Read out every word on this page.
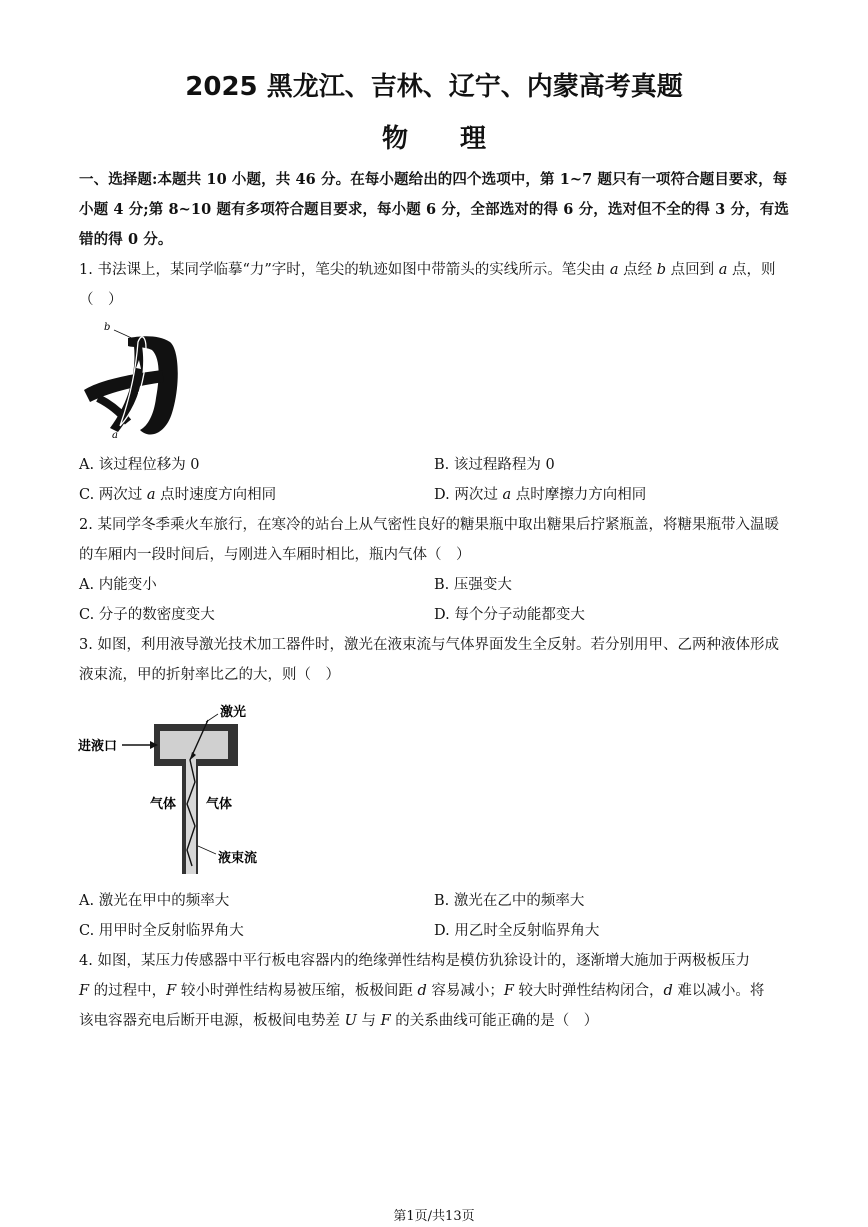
2025 黑龙江、吉林、辽宁、内蒙高考真题
物 理
一、选择题:本题共 10 小题，共 46 分。在每小题给出的四个选项中，第 1~7 题只有一项符合题目要求，每小题 4 分;第 8~10 题有多项符合题目要求，每小题 6 分，全部选对的得 6 分，选对但不全的得 3 分，有选错的得 0 分。
1. 书法课上，某同学临摹“力”字时，笔尖的轨迹如图中带箭头的实线所示。笔尖由 a 点经 b 点回到 a 点，则（　）
b
a
A. 该过程位移为 0	B. 该过程路程为 0
C. 两次过 a 点时速度方向相同	D. 两次过 a 点时摩擦力方向相同
2. 某同学冬季乘火车旅行，在寒冷的站台上从气密性良好的糖果瓶中取出糖果后拧紧瓶盖，将糖果瓶带入温暖的车厢内一段时间后，与刚进入车厢时相比，瓶内气体（　）
A. 内能变小	B. 压强变大
C. 分子的数密度变大	D. 每个分子动能都变大
3. 如图，利用液导激光技术加工器件时，激光在液束流与气体界面发生全反射。若分别用甲、乙两种液体形成液束流，甲的折射率比乙的大，则（　）
激光
进液口
气体 气体
液束流
A. 激光在甲中的频率大	B. 激光在乙中的频率大
C. 用甲时全反射临界角大	D. 用乙时全反射临界角大
4. 如图，某压力传感器中平行板电容器内的绝缘弹性结构是模仿犰狳设计的，逐渐增大施加于两极板压力
F 的过程中，F 较小时弹性结构易被压缩，板极间距 d 容易减小；F 较大时弹性结构闭合，d 难以减小。将
该电容器充电后断开电源，板极间电势差 U 与 F 的关系曲线可能正确的是（　）
第1页/共13页
